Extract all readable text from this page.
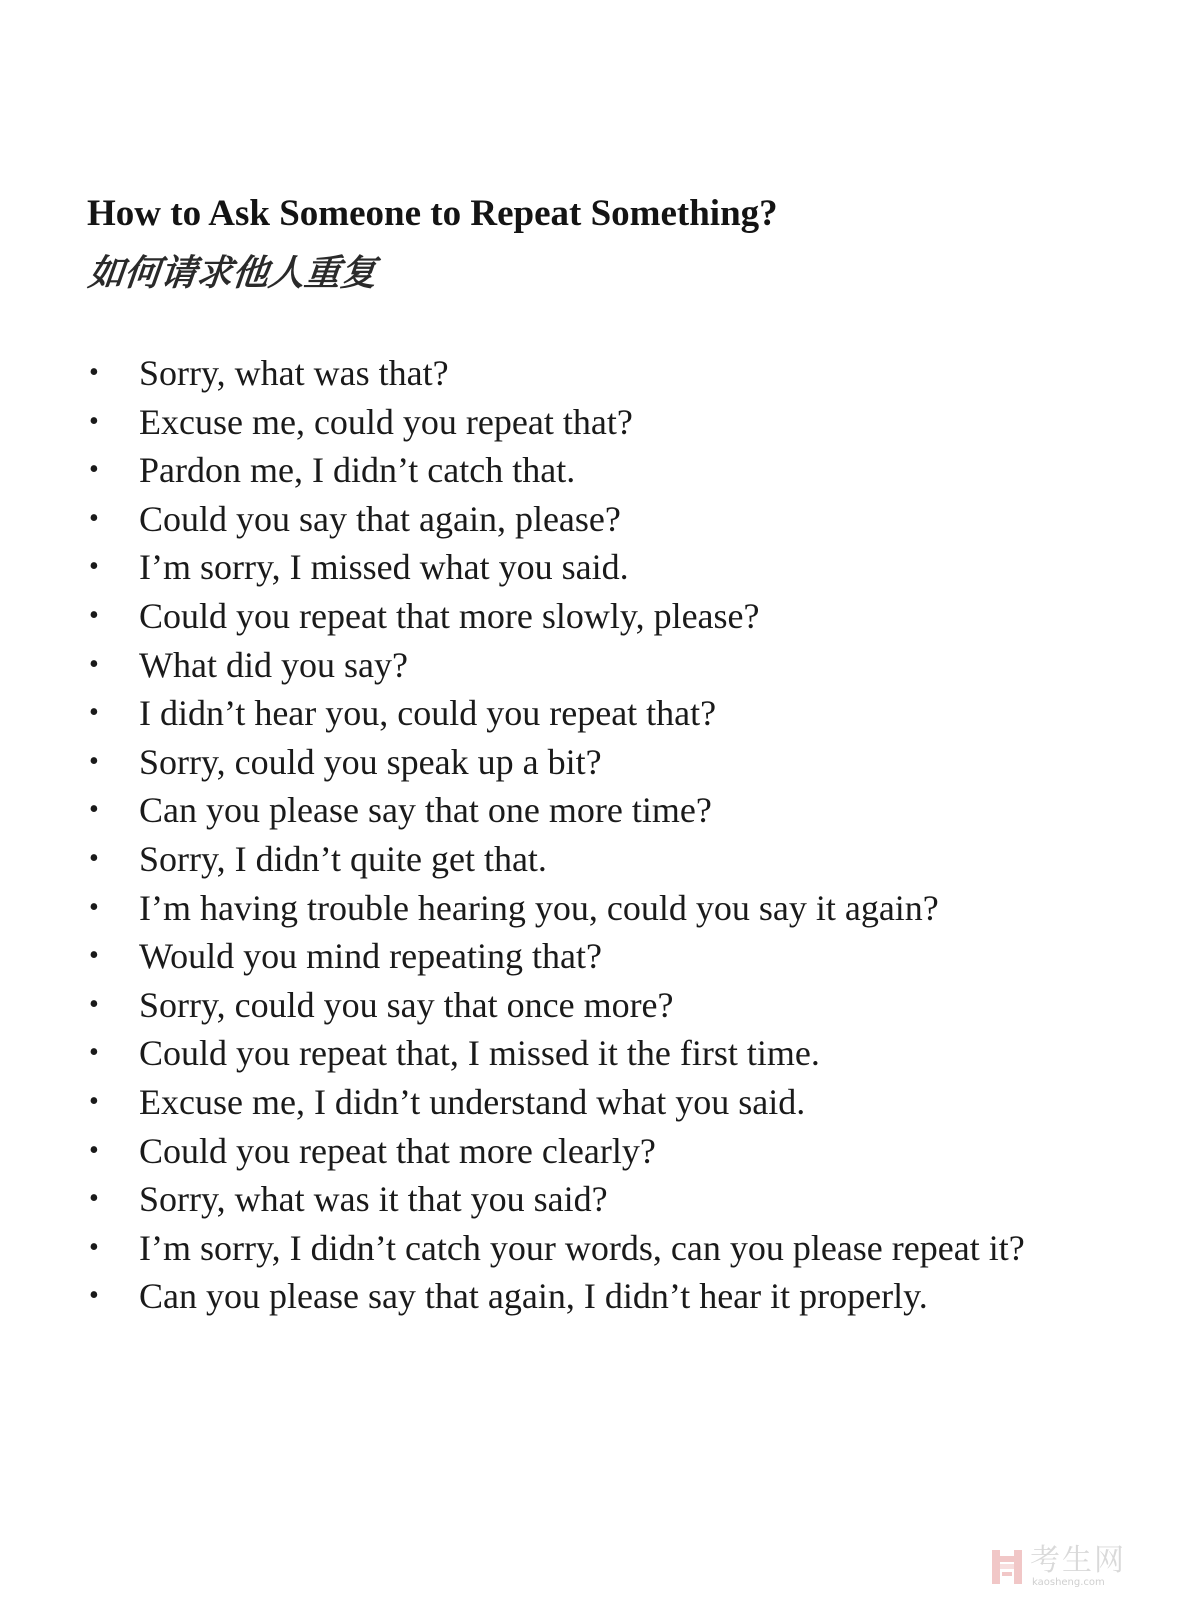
How to Ask Someone to Repeat Something?
如何请求他人重复
• Sorry, what was that?
• Excuse me, could you repeat that?
• Pardon me, I didn’t catch that.
• Could you say that again, please?
• I’m sorry, I missed what you said.
• Could you repeat that more slowly, please?
• What did you say?
• I didn’t hear you, could you repeat that?
• Sorry, could you speak up a bit?
• Can you please say that one more time?
• Sorry, I didn’t quite get that.
• I’m having trouble hearing you, could you say it again?
• Would you mind repeating that?
• Sorry, could you say that once more?
• Could you repeat that, I missed it the first time.
• Excuse me, I didn’t understand what you said.
• Could you repeat that more clearly?
• Sorry, what was it that you said?
• I’m sorry, I didn’t catch your words, can you please repeat it?
• Can you please say that again, I didn’t hear it properly.
考生网
kaosheng.com
